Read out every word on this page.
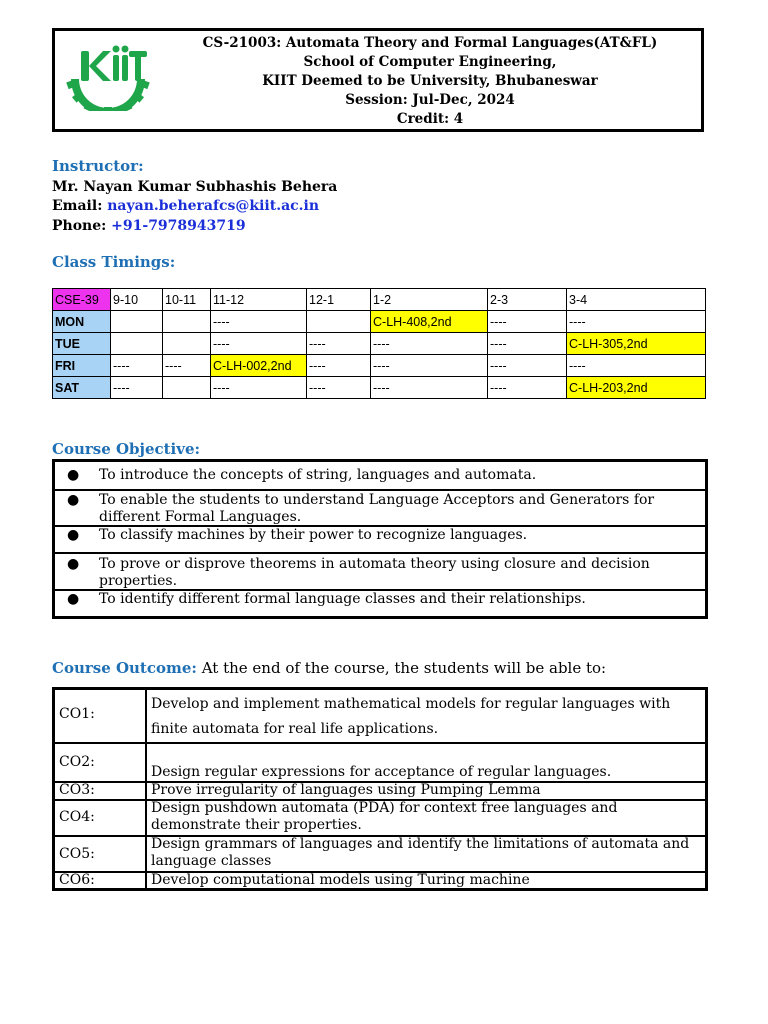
CS-21003: Automata Theory and Formal Languages(AT&FL)
School of Computer Engineering,
KIIT Deemed to be University, Bhubaneswar
Session: Jul-Dec, 2024
Credit: 4
Instructor:
Mr. Nayan Kumar Subhashis Behera
Email: nayan.beherafcs@kiit.ac.in
Phone: +91-7978943719
Class Timings:
CSE-39	9-10	10-11	11-12	12-1	1-2	2-3	3-4
MON			----		C-LH-408,2nd	----	----
TUE			----	----	----	----	C-LH-305,2nd
FRI	----	----	C-LH-002,2nd	----	----	----	----
SAT	----		----	----	----	----	C-LH-203,2nd
Course Objective:
● To introduce the concepts of string, languages and automata.
● To enable the students to understand Language Acceptors and Generators for different Formal Languages.
● To classify machines by their power to recognize languages.
● To prove or disprove theorems in automata theory using closure and decision properties.
● To identify different formal language classes and their relationships.
Course Outcome: At the end of the course, the students will be able to:
CO1:
Develop and implement mathematical models for regular languages with finite automata for real life applications.
CO2:
Design regular expressions for acceptance of regular languages.
CO3:	Prove irregularity of languages using Pumping Lemma
CO4:
Design pushdown automata (PDA) for context free languages and demonstrate their properties.
CO5:
Design grammars of languages and identify the limitations of automata and language classes
CO6:	Develop computational models using Turing machine
